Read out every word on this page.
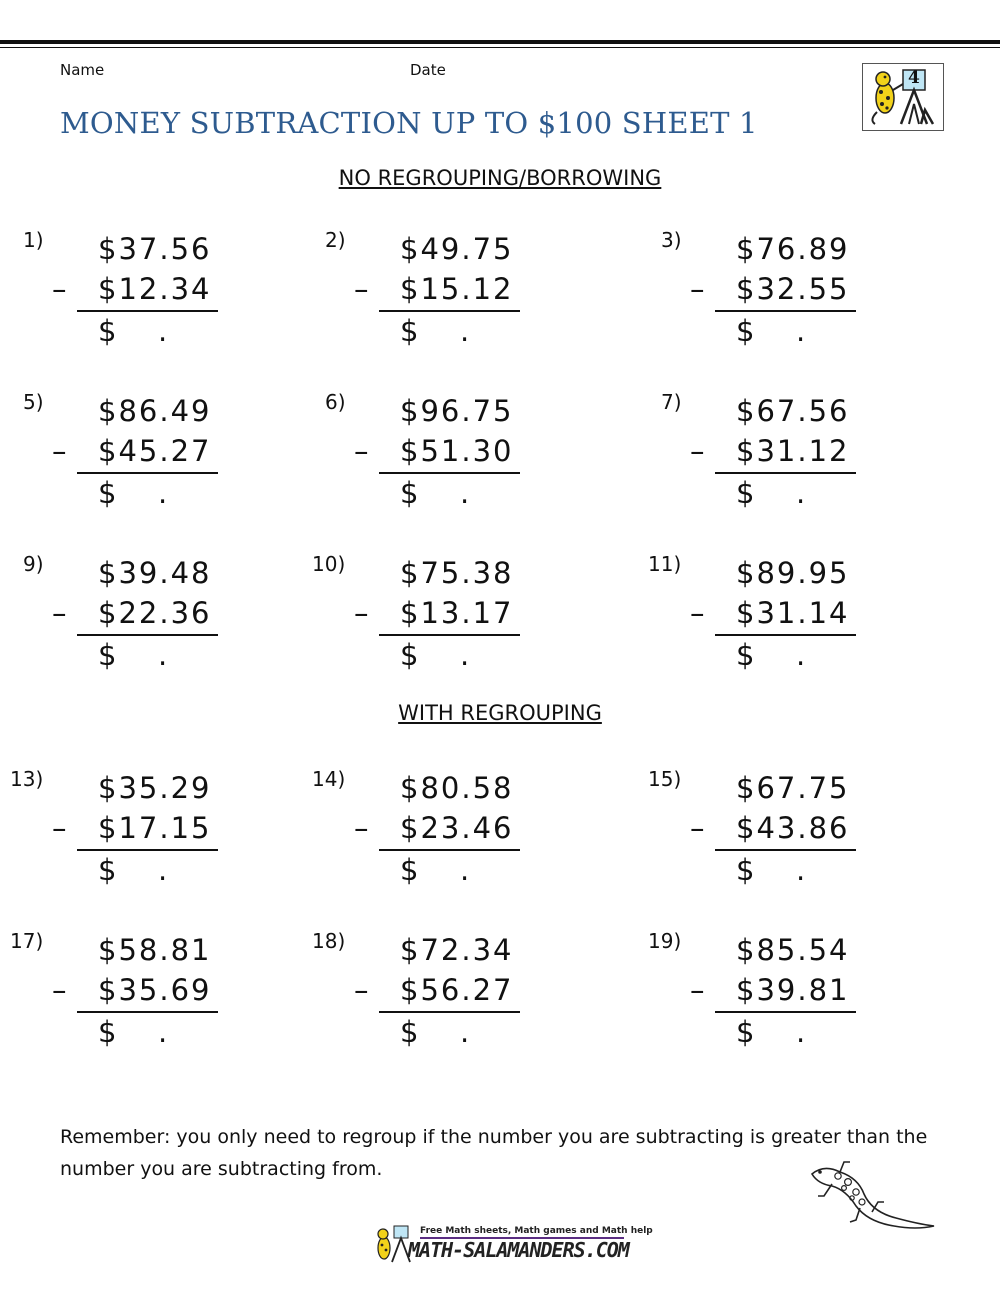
Name	Date
MONEY SUBTRACTION UP TO $100 SHEET 1
4
NO REGROUPING/BORROWING
WITH REGROUPING
1) $37.56
– $12.34
$ .
2) $49.75
– $15.12
$ .
3) $76.89
– $32.55
$ .
5) $86.49
– $45.27
$ .
6) $96.75
– $51.30
$ .
7) $67.56
– $31.12
$ .
9) $39.48
– $22.36
$ .
10) $75.38
– $13.17
$ .
11) $89.95
– $31.14
$ .
13) $35.29
– $17.15
$ .
14) $80.58
– $23.46
$ .
15) $67.75
– $43.86
$ .
17) $58.81
– $35.69
$ .
18) $72.34
– $56.27
$ .
19) $85.54
– $39.81
$ .
Remember: you only need to regroup if the number you are subtracting is greater than the number you are subtracting from.
Free Math sheets, Math games and Math help
MATH-SALAMANDERS.COM
